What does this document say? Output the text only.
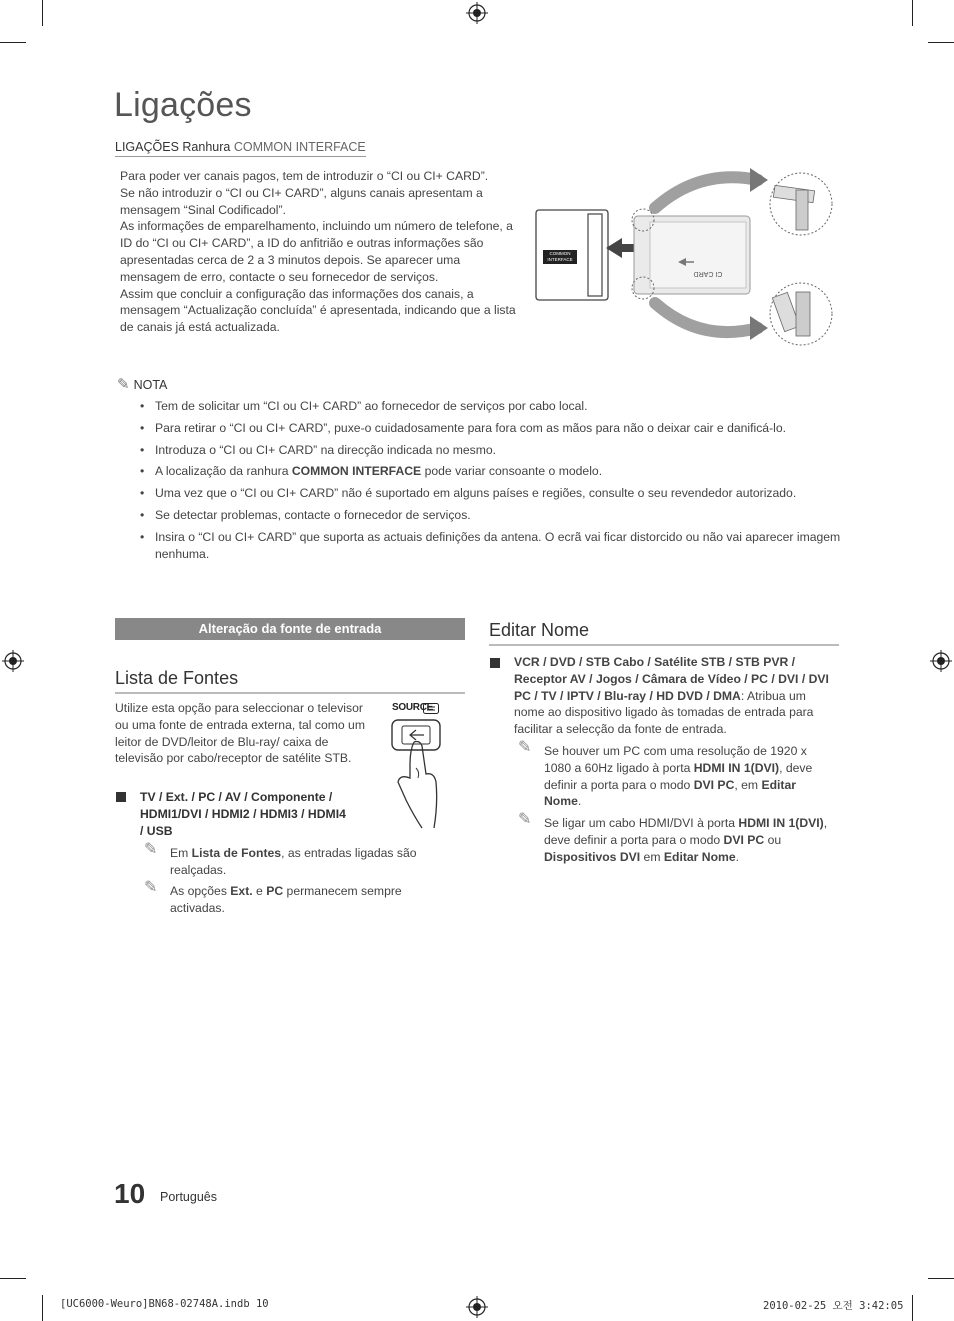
Ligações
LIGAÇÕES Ranhura COMMON INTERFACE

Para poder ver canais pagos, tem de introduzir o “CI ou CI+ CARD”.

Se não introduzir o “CI ou CI+ CARD”, alguns canais apresentam a mensagem “Sinal Codificadol”.

As informações de emparelhamento, incluindo um número de telefone, a ID do “CI ou CI+ CARD”, a ID do anfitrião e outras informações são apresentadas cerca de 2 a 3 minutos depois. Se aparecer uma mensagem de erro, contacte o seu fornecedor de serviços.

Assim que concluir a configuração das informações dos canais, a mensagem “Actualização concluída” é apresentada, indicando que a lista de canais já está actualizada.

COMMON
INTERFACE
CI CARD
✎ NOTA
• Tem de solicitar um “CI ou CI+ CARD” ao fornecedor de serviços por cabo local.
• Para retirar o “CI ou CI+ CARD”, puxe-o cuidadosamente para fora com as mãos para não o deixar cair e danificá-lo.
• Introduza o “CI ou CI+ CARD” na direcção indicada no mesmo.
• A localização da ranhura COMMON INTERFACE pode variar consoante o modelo.
• Uma vez que o “CI ou CI+ CARD” não é suportado em alguns países e regiões, consulte o seu revendedor autorizado.
• Se detectar problemas, contacte o fornecedor de serviços.
• Insira o “CI ou CI+ CARD” que suporta as actuais definições da antena. O ecrã vai ficar distorcido ou não vai aparecer imagem nenhuma.
Alteração da fonte de entrada
Lista de Fontes
Utilize esta opção para seleccionar o televisor ou uma fonte de entrada externa, tal como um leitor de DVD/leitor de Blu-ray/ caixa de televisão por cabo/receptor de satélite STB.
SOURCE
TV / Ext. / PC / AV / Componente / HDMI1/DVI / HDMI2 / HDMI3 / HDMI4 / USB
✎ Em Lista de Fontes, as entradas ligadas são realçadas.
✎ As opções Ext. e PC permanecem sempre activadas.
Editar Nome
VCR / DVD / STB Cabo / Satélite STB / STB PVR / Receptor AV / Jogos / Câmara de Vídeo / PC / DVI / DVI PC / TV / IPTV / Blu-ray / HD DVD / DMA: Atribua um nome ao dispositivo ligado às tomadas de entrada para facilitar a selecção da fonte de entrada.
✎ Se houver um PC com uma resolução de 1920 x 1080 a 60Hz ligado à porta HDMI IN 1(DVI), deve definir a porta para o modo DVI PC, em Editar Nome.
✎ Se ligar um cabo HDMI/DVI à porta HDMI IN 1(DVI), deve definir a porta para o modo DVI PC ou Dispositivos DVI em Editar Nome.
10 Português
[UC6000-Weuro]BN68-02748A.indb 10	2010-02-25 오전 3:42:05
